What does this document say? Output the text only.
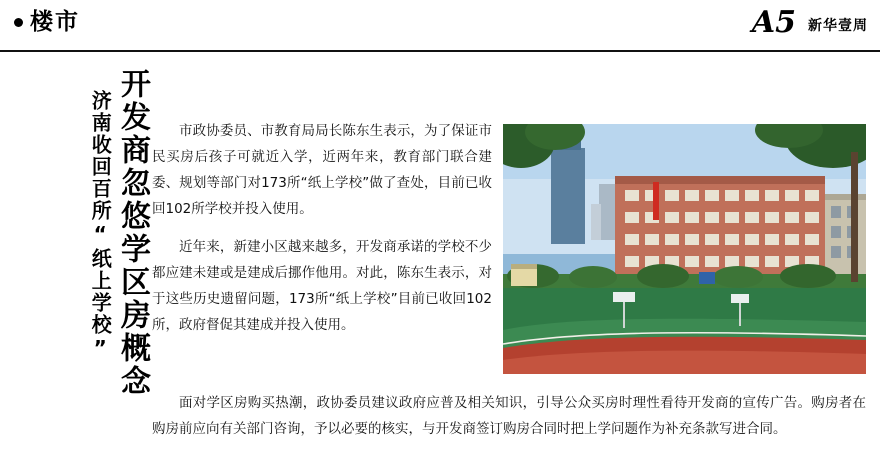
楼市	A5 新华壹周
开发商忽悠学区房概念
济南收回百所“纸上学校”	市政协委员、市教育局局长陈东生表示，为了保证市民买房后孩子可就近入学，近两年来，教育部门联合建委、规划等部门对173所“纸上学校”做了查处，目前已收回102所学校并投入使用。

近年来，新建小区越来越多，开发商承诺的学校不少都应建未建或是建成后挪作他用。对此，陈东生表示，对于这些历史遗留问题，173所“纸上学校”目前已收回102所，政府督促其建成并投入使用。

面对学区房购买热潮，政协委员建议政府应普及相关知识，引导公众买房时理性看待开发商的宣传广告。购房者在购房前应向有关部门咨询，予以必要的核实，与开发商签订购房合同时把上学问题作为补充条款写进合同。
